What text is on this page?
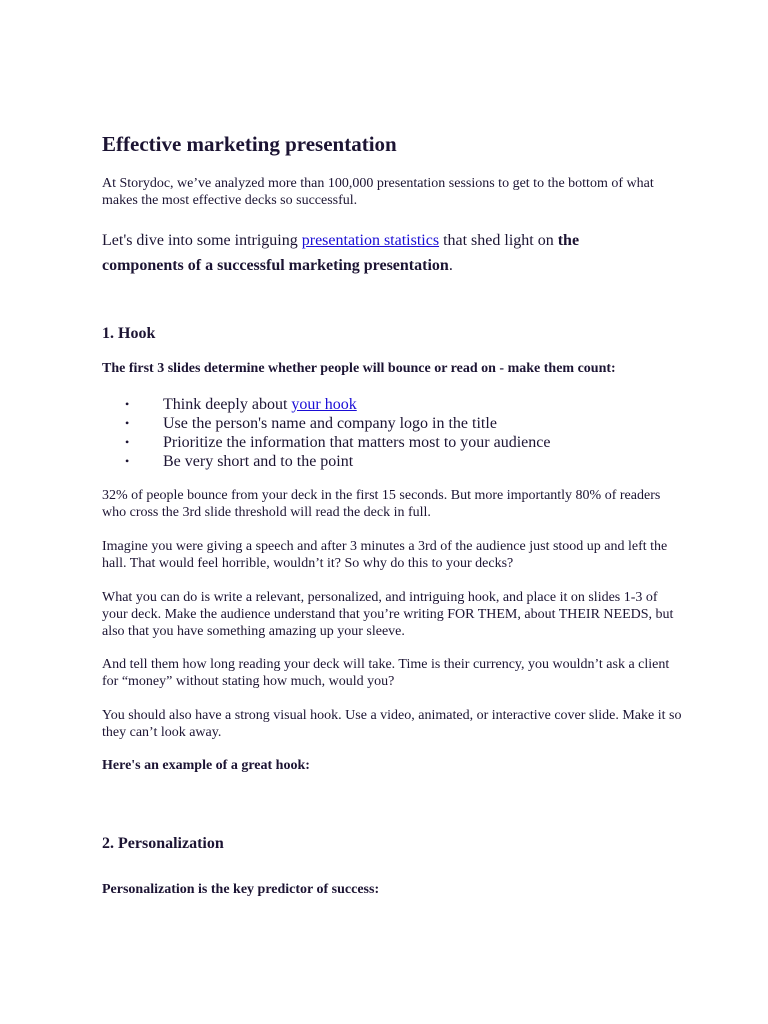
Effective marketing presentation

At Storydoc, we’ve analyzed more than 100,000 presentation sessions to get to the bottom of what makes the most effective decks so successful.

Let's dive into some intriguing presentation statistics that shed light on the components of a successful marketing presentation.

1. Hook

The first 3 slides determine whether people will bounce or read on - make them count:

• Think deeply about your hook
• Use the person's name and company logo in the title
• Prioritize the information that matters most to your audience
• Be very short and to the point

32% of people bounce from your deck in the first 15 seconds. But more importantly 80% of readers who cross the 3rd slide threshold will read the deck in full.

Imagine you were giving a speech and after 3 minutes a 3rd of the audience just stood up and left the hall. That would feel horrible, wouldn’t it? So why do this to your decks?

What you can do is write a relevant, personalized, and intriguing hook, and place it on slides 1-3 of your deck. Make the audience understand that you’re writing FOR THEM, about THEIR NEEDS, but also that you have something amazing up your sleeve.

And tell them how long reading your deck will take. Time is their currency, you wouldn’t ask a client for “money” without stating how much, would you?

You should also have a strong visual hook. Use a video, animated, or interactive cover slide. Make it so they can’t look away.

Here's an example of a great hook:

2. Personalization

Personalization is the key predictor of success:
